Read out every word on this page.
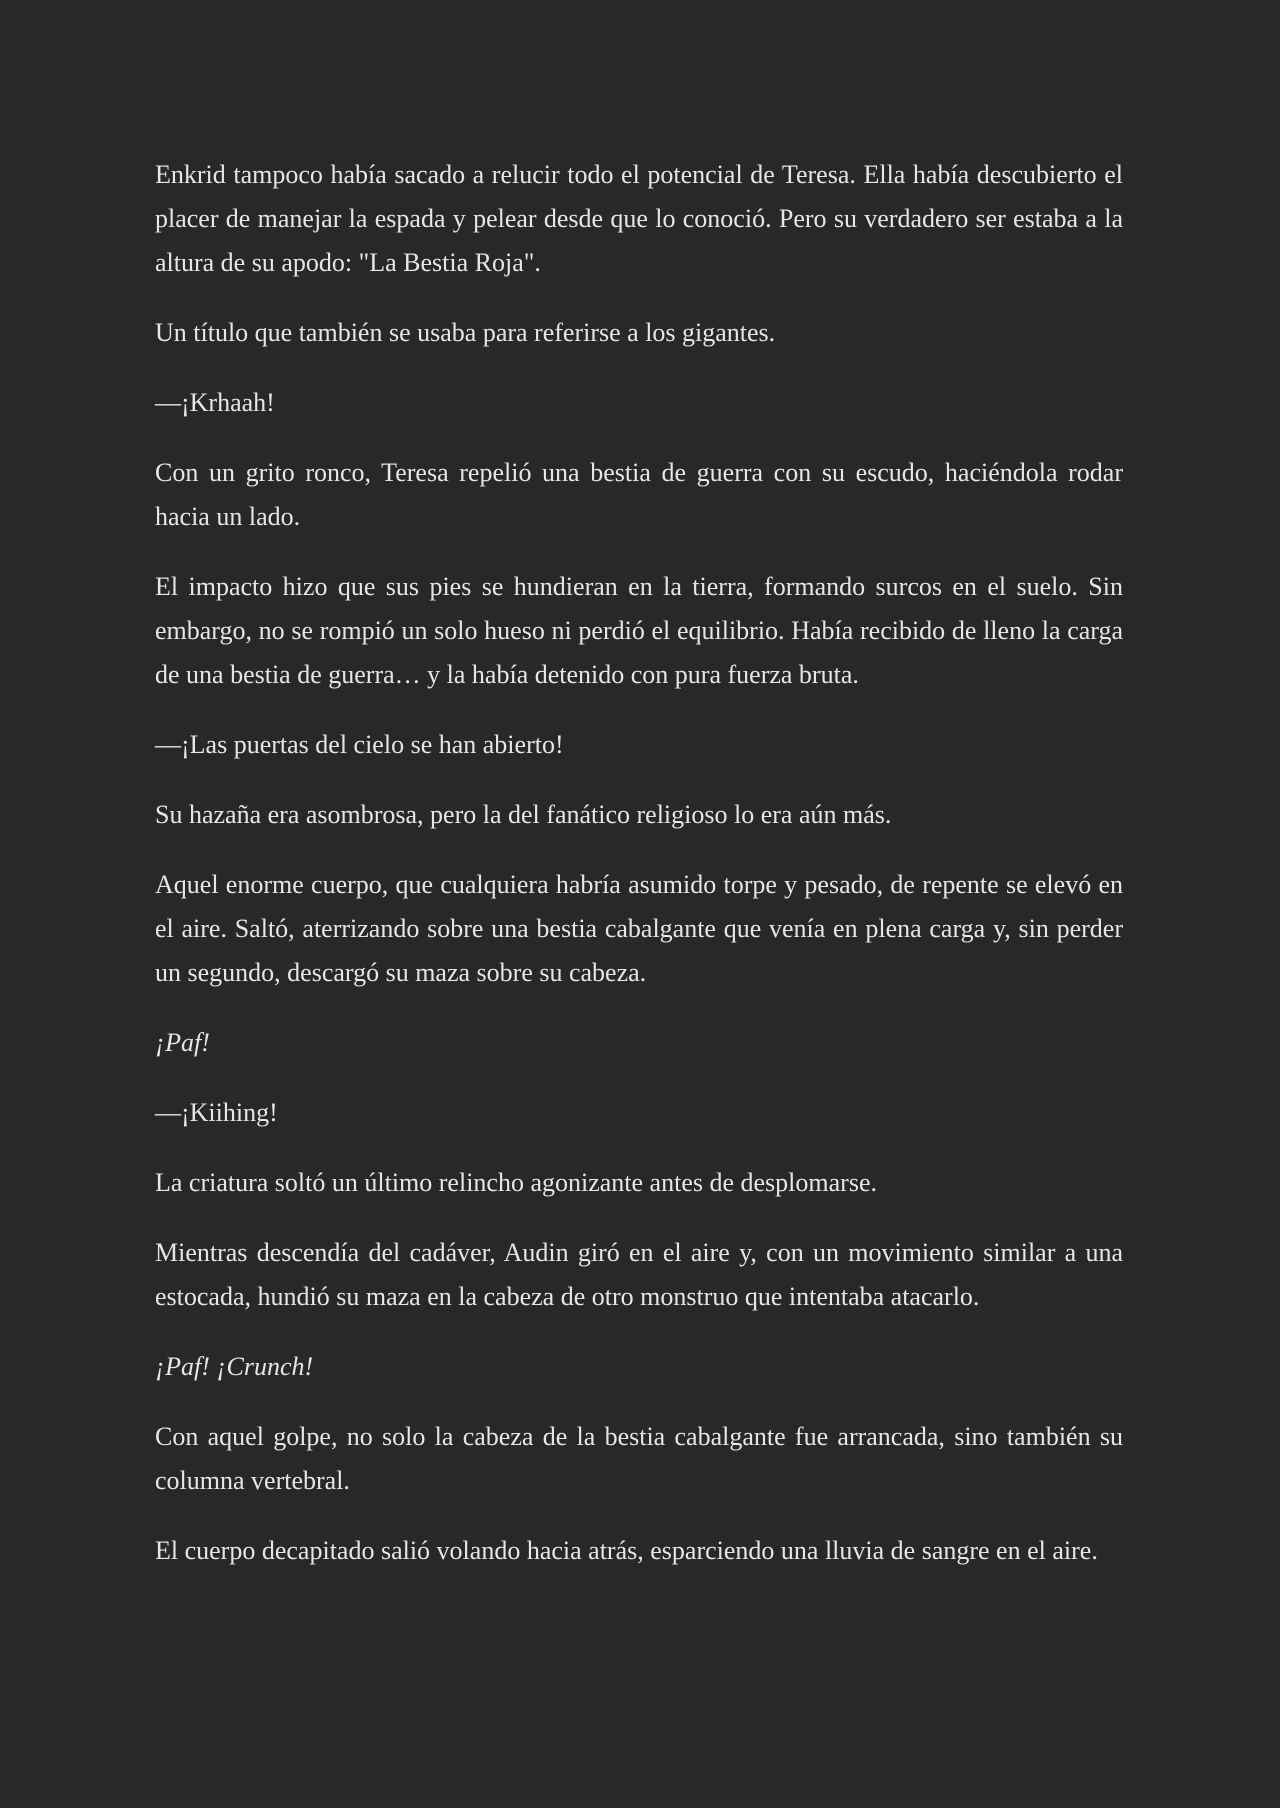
Enkrid tampoco había sacado a relucir todo el potencial de Teresa. Ella había descubierto el placer de manejar la espada y pelear desde que lo conoció. Pero su verdadero ser estaba a la altura de su apodo: "La Bestia Roja".

Un título que también se usaba para referirse a los gigantes.

—¡Krhaah!

Con un grito ronco, Teresa repelió una bestia de guerra con su escudo, haciéndola rodar hacia un lado.

El impacto hizo que sus pies se hundieran en la tierra, formando surcos en el suelo. Sin embargo, no se rompió un solo hueso ni perdió el equilibrio. Había recibido de lleno la carga de una bestia de guerra… y la había detenido con pura fuerza bruta.

—¡Las puertas del cielo se han abierto!

Su hazaña era asombrosa, pero la del fanático religioso lo era aún más.

Aquel enorme cuerpo, que cualquiera habría asumido torpe y pesado, de repente se elevó en el aire. Saltó, aterrizando sobre una bestia cabalgante que venía en plena carga y, sin perder un segundo, descargó su maza sobre su cabeza.

¡Paf!

—¡Kiihing!

La criatura soltó un último relincho agonizante antes de desplomarse.

Mientras descendía del cadáver, Audin giró en el aire y, con un movimiento similar a una estocada, hundió su maza en la cabeza de otro monstruo que intentaba atacarlo.

¡Paf! ¡Crunch!

Con aquel golpe, no solo la cabeza de la bestia cabalgante fue arrancada, sino también su columna vertebral.

El cuerpo decapitado salió volando hacia atrás, esparciendo una lluvia de sangre en el aire.
